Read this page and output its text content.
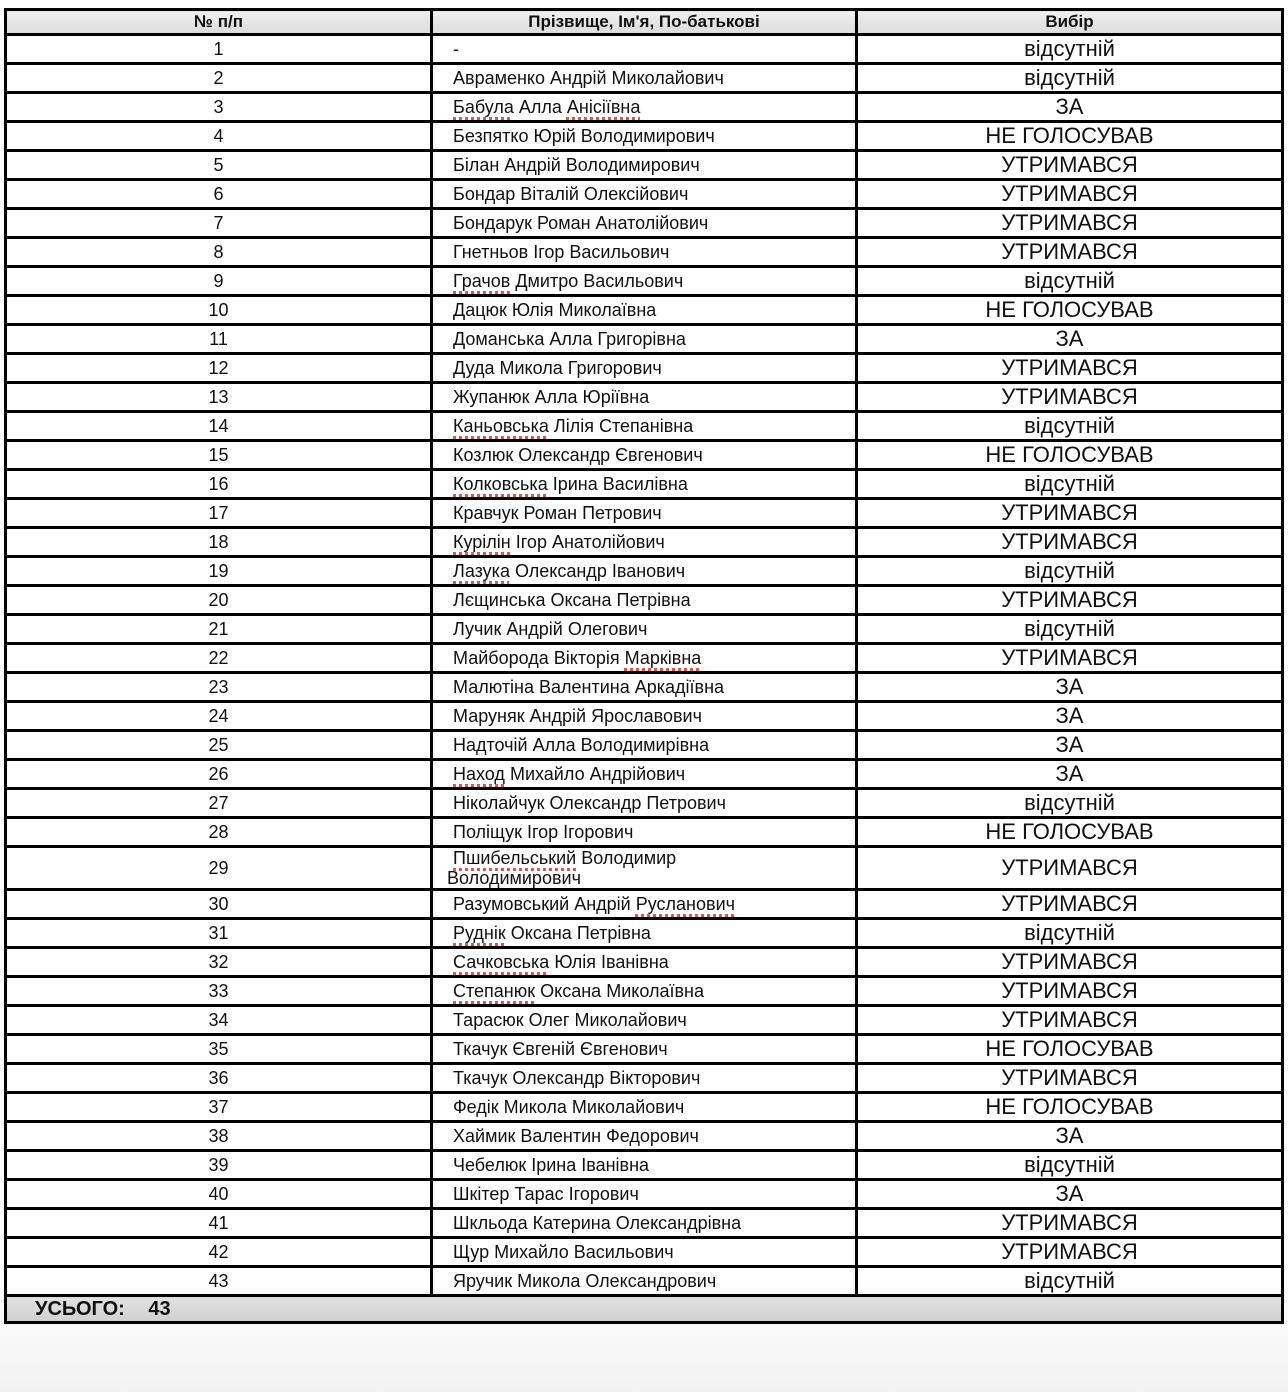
№ п/п	Прізвище, Ім'я, По-батькові	Вибір
1	-	відсутній
2	Авраменко Андрій Миколайович	відсутній
3	Бабула Алла Анісіївна	ЗА
4	Безпятко Юрій Володимирович	НЕ ГОЛОСУВАВ
5	Білан Андрій Володимирович	УТРИМАВСЯ
6	Бондар Віталій Олексійович	УТРИМАВСЯ
7	Бондарук Роман Анатолійович	УТРИМАВСЯ
8	Гнетньов Ігор Васильович	УТРИМАВСЯ
9	Грачов Дмитро Васильович	відсутній
10	Дацюк Юлія Миколаївна	НЕ ГОЛОСУВАВ
11	Доманська Алла Григорівна	ЗА
12	Дуда Микола Григорович	УТРИМАВСЯ
13	Жупанюк Алла Юріївна	УТРИМАВСЯ
14	Каньовська Лілія Степанівна	відсутній
15	Козлюк Олександр Євгенович	НЕ ГОЛОСУВАВ
16	Колковська Ірина Василівна	відсутній
17	Кравчук Роман Петрович	УТРИМАВСЯ
18	Курілін Ігор Анатолійович	УТРИМАВСЯ
19	Лазука Олександр Іванович	відсутній
20	Лєщинська Оксана Петрівна	УТРИМАВСЯ
21	Лучик Андрій Олегович	відсутній
22	Майборода Вікторія Марківна	УТРИМАВСЯ
23	Малютіна Валентина Аркадіївна	ЗА
24	Маруняк Андрій Ярославович	ЗА
25	Надточій Алла Володимирівна	ЗА
26	Наход Михайло Андрійович	ЗА
27	Ніколайчук Олександр Петрович	відсутній
28	Поліщук Ігор Ігорович	НЕ ГОЛОСУВАВ
29	Пшибельський Володимир
Володимирович	УТРИМАВСЯ
30	Разумовський Андрій Русланович	УТРИМАВСЯ
31	Руднік Оксана Петрівна	відсутній
32	Сачковська Юлія Іванівна	УТРИМАВСЯ
33	Степанюк Оксана Миколаївна	УТРИМАВСЯ
34	Тарасюк Олег Миколайович	УТРИМАВСЯ
35	Ткачук Євгеній Євгенович	НЕ ГОЛОСУВАВ
36	Ткачук Олександр Вікторович	УТРИМАВСЯ
37	Федік Микола Миколайович	НЕ ГОЛОСУВАВ
38	Хаймик Валентин Федорович	ЗА
39	Чебелюк Ірина Іванівна	відсутній
40	Шкітер Тарас Ігорович	ЗА
41	Шкльода Катерина Олександрівна	УТРИМАВСЯ
42	Щур Михайло Васильович	УТРИМАВСЯ
43	Яручик Микола Олександрович	відсутній
УСЬОГО: 43		
